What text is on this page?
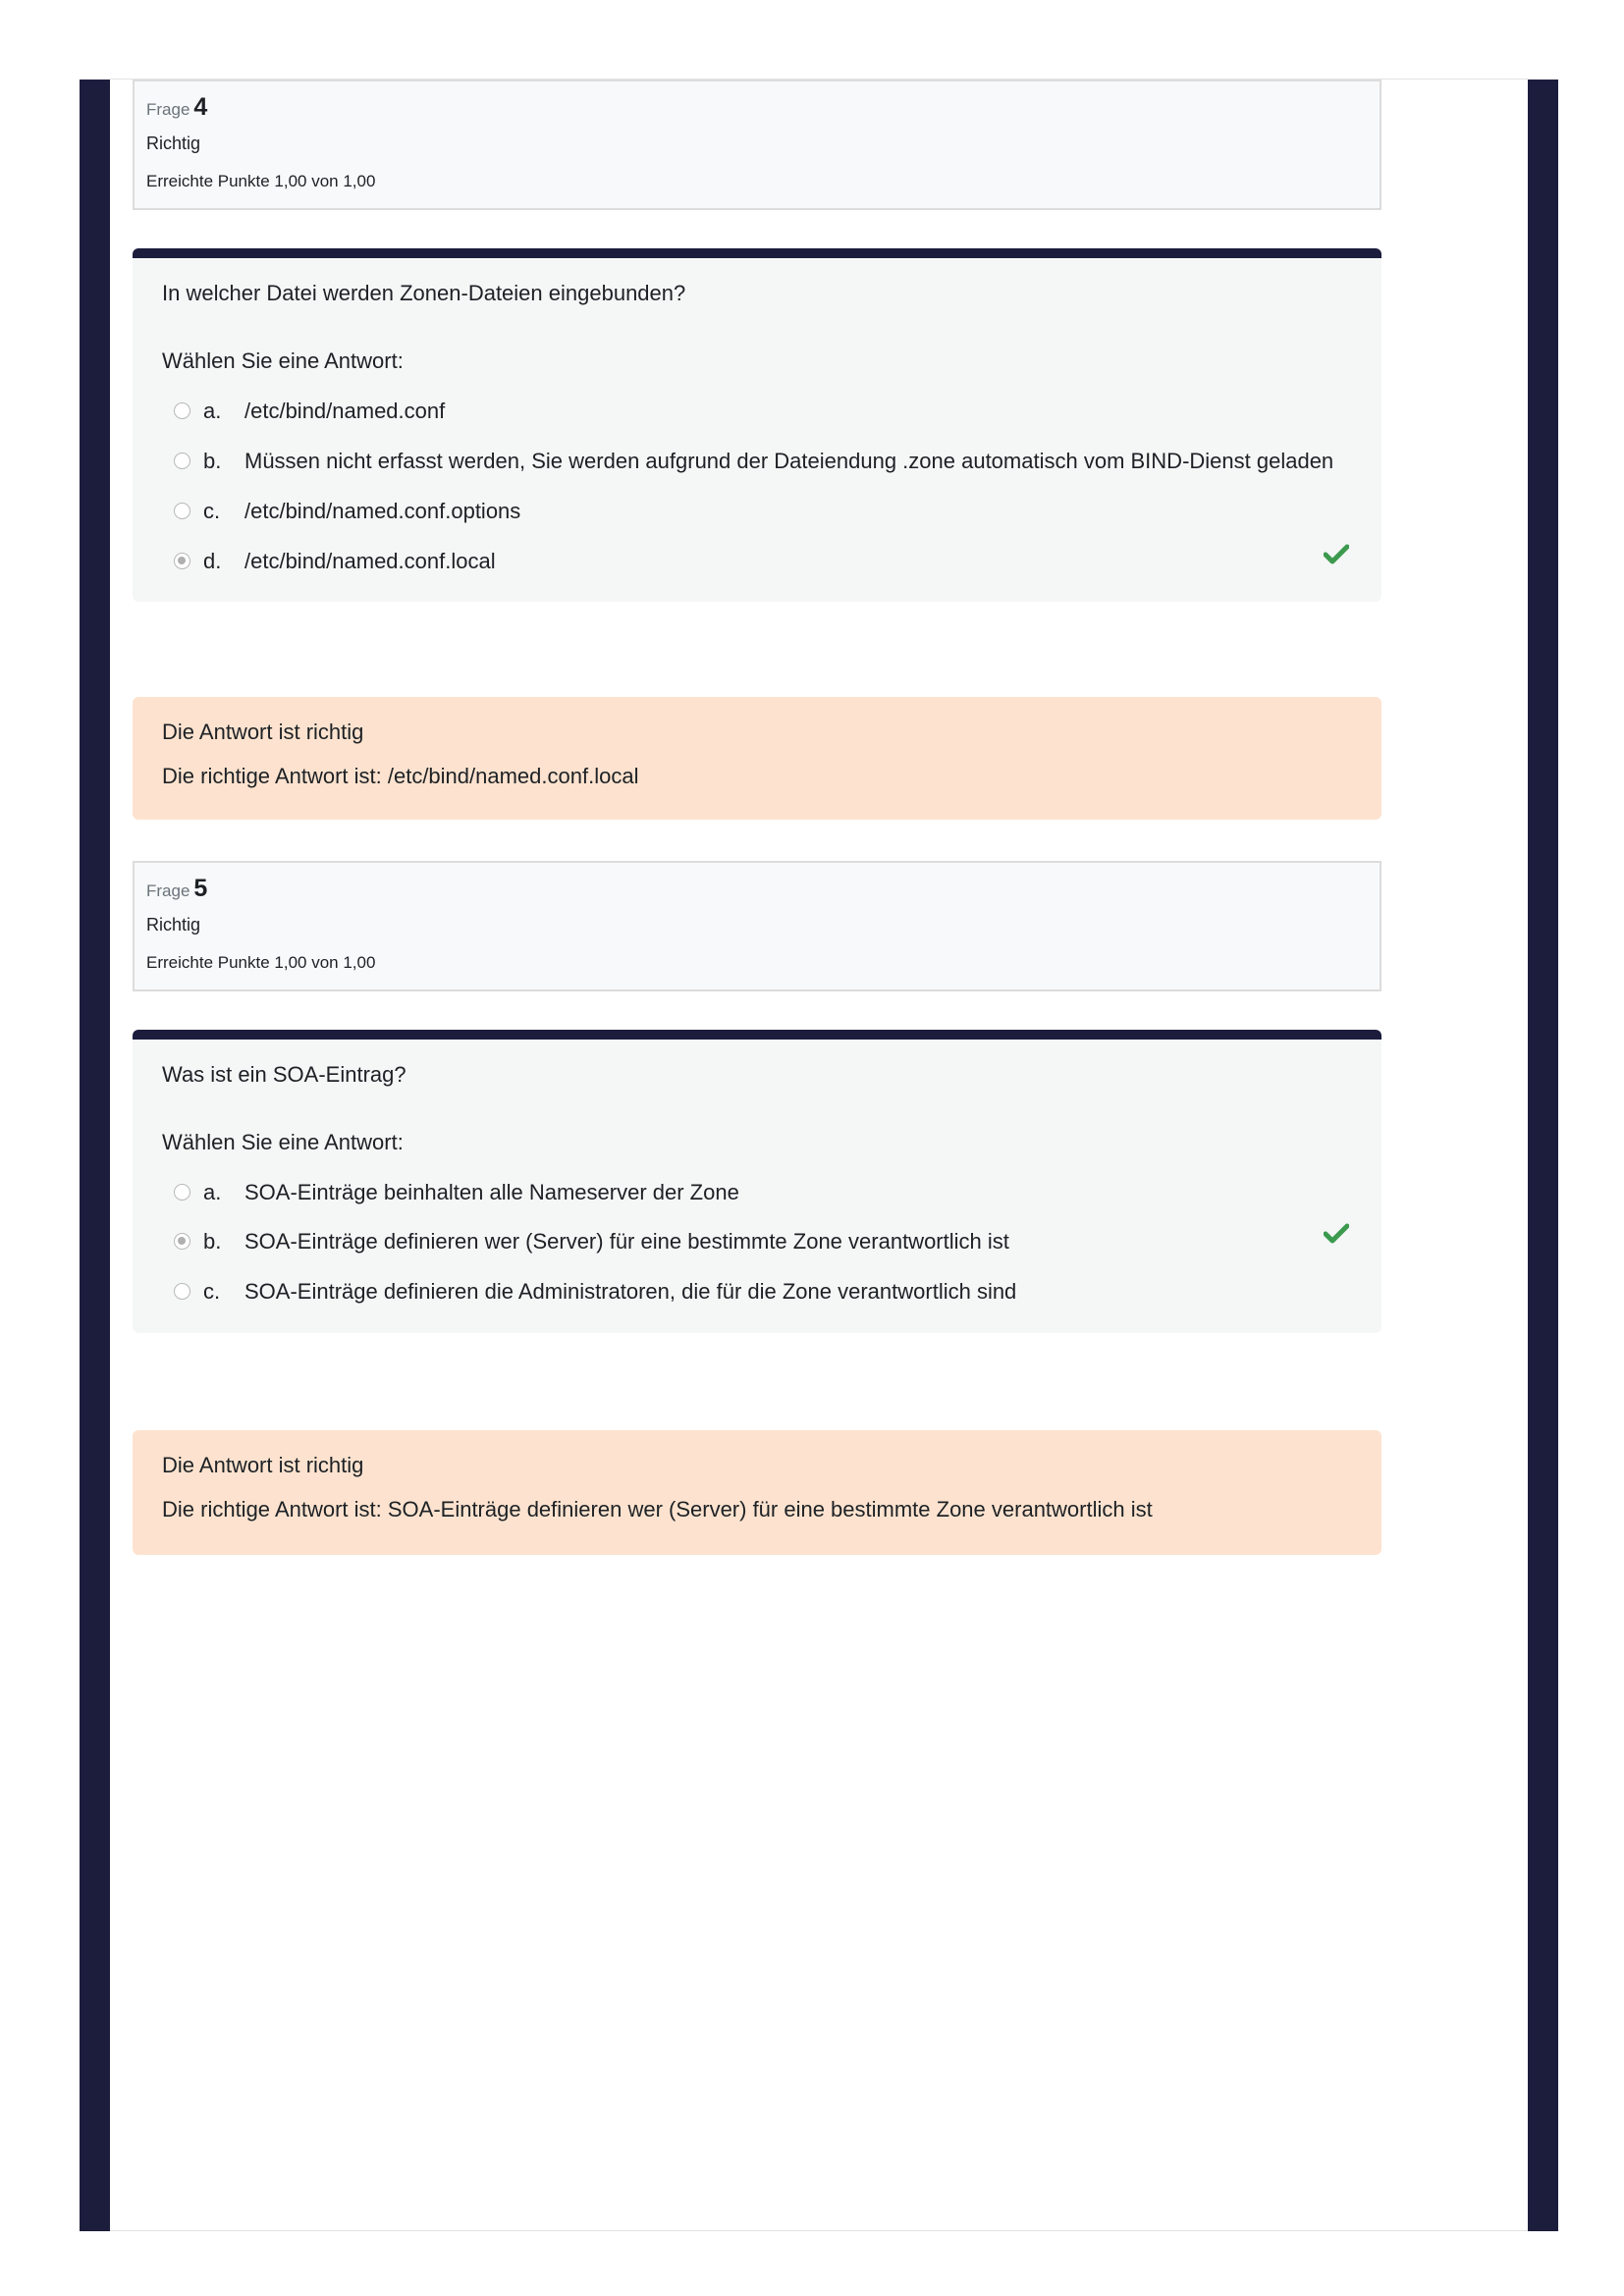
Frage 4
Richtig
Erreichte Punkte 1,00 von 1,00
In welcher Datei werden Zonen-Dateien eingebunden?
Wählen Sie eine Antwort:
a. /etc/bind/named.conf
b. Müssen nicht erfasst werden, Sie werden aufgrund der Dateiendung .zone automatisch vom BIND-Dienst geladen
c. /etc/bind/named.conf.options
d. /etc/bind/named.conf.local
Die Antwort ist richtig
Die richtige Antwort ist: /etc/bind/named.conf.local
Frage 5
Richtig
Erreichte Punkte 1,00 von 1,00
Was ist ein SOA-Eintrag?
Wählen Sie eine Antwort:
a. SOA-Einträge beinhalten alle Nameserver der Zone
b. SOA-Einträge definieren wer (Server) für eine bestimmte Zone verantwortlich ist
c. SOA-Einträge definieren die Administratoren, die für die Zone verantwortlich sind
Die Antwort ist richtig
Die richtige Antwort ist: SOA-Einträge definieren wer (Server) für eine bestimmte Zone verantwortlich ist
